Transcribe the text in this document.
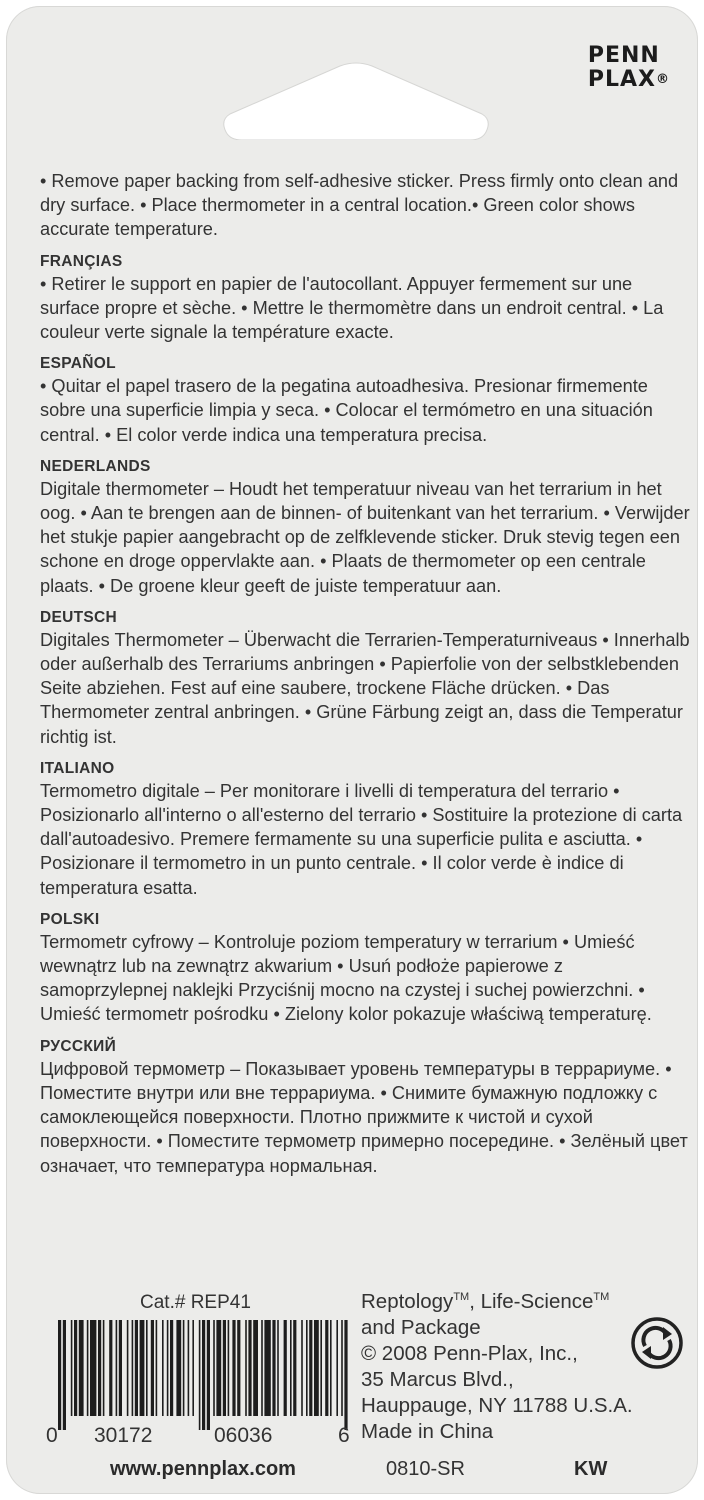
PENN
PLAX®

• Remove paper backing from self-adhesive sticker. Press firmly onto clean and dry surface. • Place thermometer in a central location.• Green color shows accurate temperature.

FRANÇIAS

• Retirer le support en papier de l'autocollant. Appuyer fermement sur une surface propre et sèche. • Mettre le thermomètre dans un endroit central. • La couleur verte signale la température exacte.

ESPAÑOL

• Quitar el papel trasero de la pegatina autoadhesiva. Presionar firmemente sobre una superficie limpia y seca. • Colocar el termómetro en una situación central. • El color verde indica una temperatura precisa.

NEDERLANDS

Digitale thermometer – Houdt het temperatuur niveau van het terrarium in het oog. • Aan te brengen aan de binnen- of buitenkant van het terrarium. • Verwijder het stukje papier aangebracht op de zelfklevende sticker. Druk stevig tegen een schone en droge oppervlakte aan. • Plaats de thermometer op een centrale plaats. • De groene kleur geeft de juiste temperatuur aan.

DEUTSCH

Digitales Thermometer – Überwacht die Terrarien-Temperaturniveaus • Innerhalb oder außerhalb des Terrariums anbringen • Papierfolie von der selbstklebenden Seite abziehen. Fest auf eine saubere, trockene Fläche drücken. • Das Thermometer zentral anbringen. • Grüne Färbung zeigt an, dass die Temperatur richtig ist.

ITALIANO

Termometro digitale – Per monitorare i livelli di temperatura del terrario • Posizionarlo all'interno o all'esterno del terrario • Sostituire la protezione di carta dall'autoadesivo. Premere fermamente su una superficie pulita e asciutta. • Posizionare il termometro in un punto centrale. • Il color verde è indice di temperatura esatta.

POLSKI

Termometr cyfrowy – Kontroluje poziom temperatury w terrarium • Umieść wewnątrz lub na zewnątrz akwarium • Usuń podłoże papierowe z samoprzylepnej naklejki Przyciśnij mocno na czystej i suchej powierzchni. • Umieść termometr pośrodku • Zielony kolor pokazuje właściwą temperaturę.

РУССКИЙ

Цифровой термометр – Показывает уровень температуры в террариуме. • Поместите внутри или вне террариума. • Снимите бумажную подложку с самоклеющейся поверхности. Плотно прижмите к чистой и сухой поверхности. • Поместите термометр примерно посередине. • Зелёный цвет означает, что температура нормальная.

Cat.# REP41
0 30172	06036	6
Reptology™, Life-Science™
and Package
© 2008 Penn-Plax, Inc.,
35 Marcus Blvd.,
Hauppauge, NY 11788 U.S.A.
Made in China
www.pennplax.com	0810-SR	KW
